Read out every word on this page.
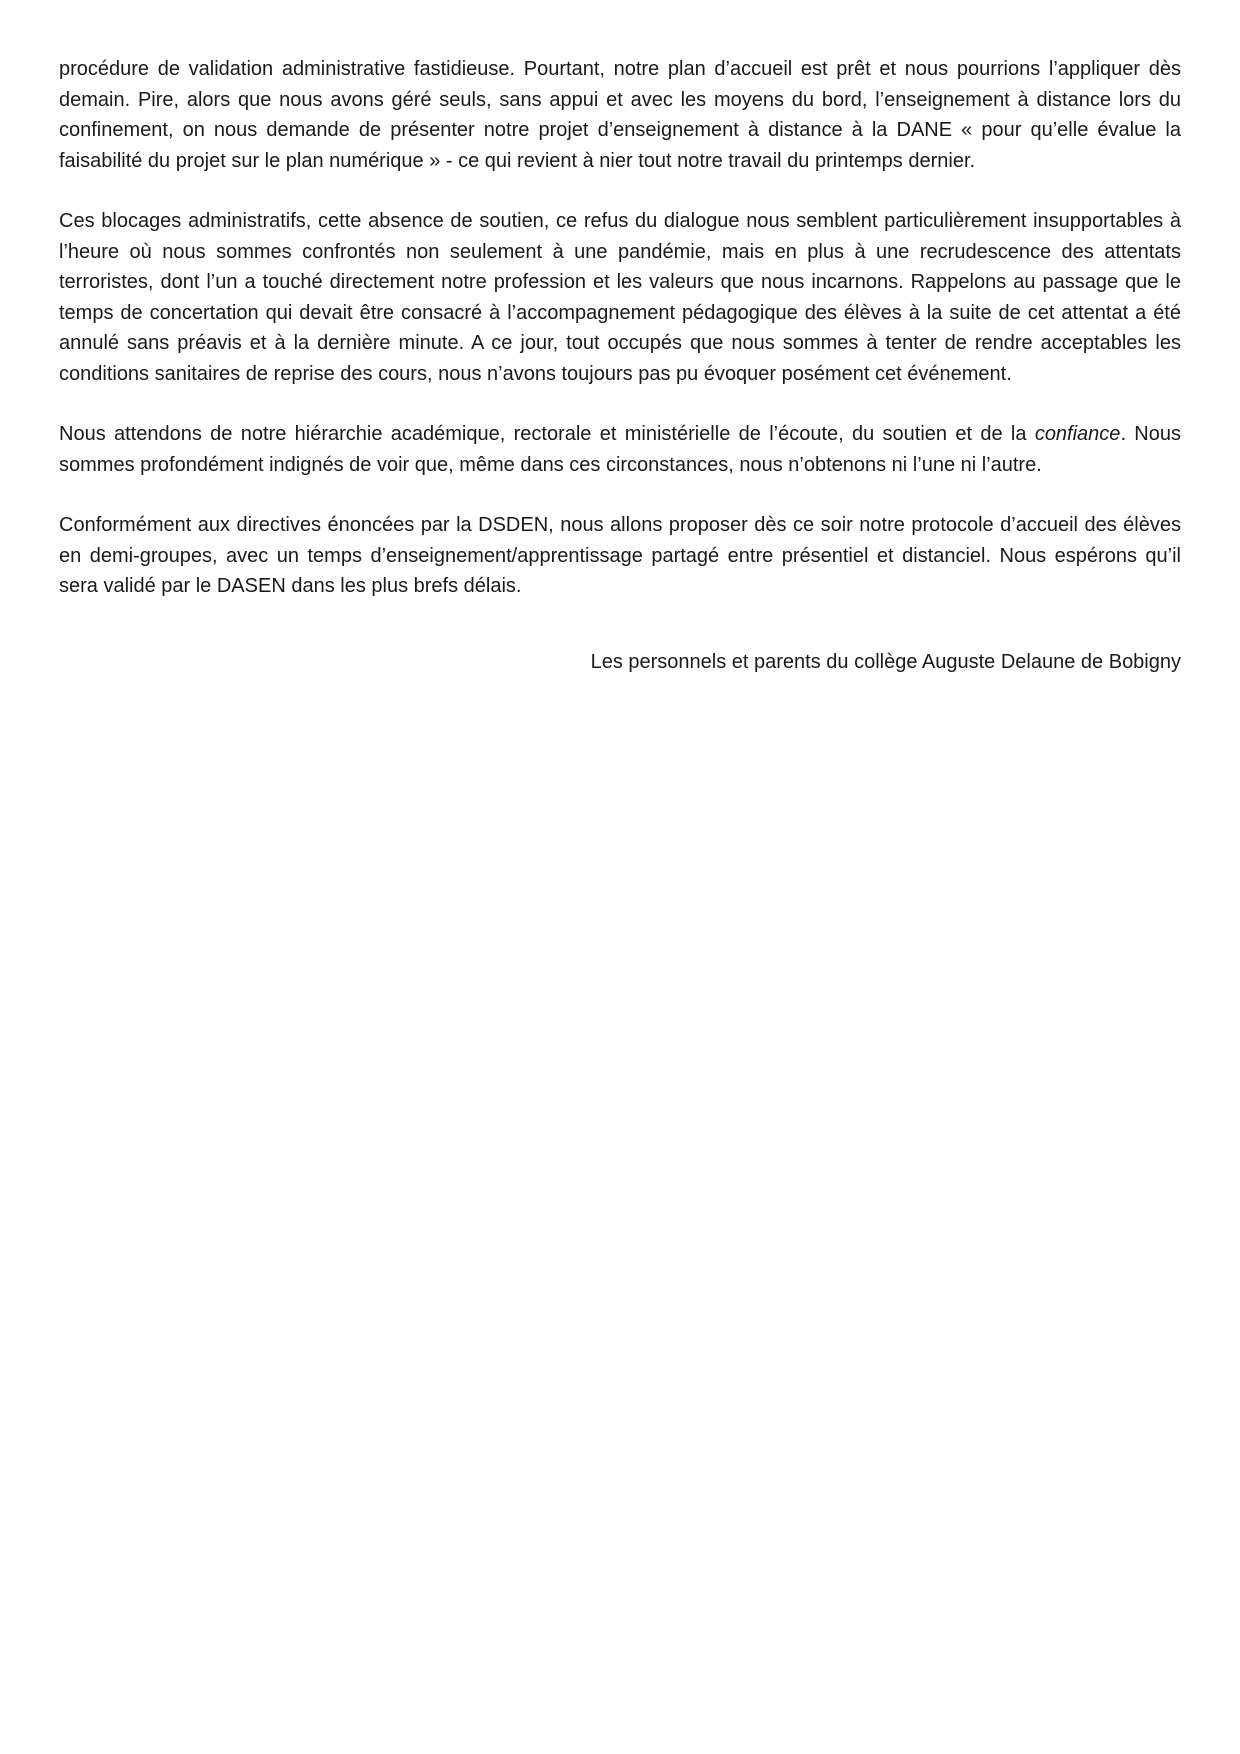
procédure de validation administrative fastidieuse. Pourtant, notre plan d’accueil est prêt et nous pourrions l’appliquer dès demain. Pire, alors que nous avons géré seuls, sans appui et avec les moyens du bord, l’enseignement à distance lors du confinement, on nous demande de présenter notre projet d’enseignement à distance à la DANE « pour qu’elle évalue la faisabilité du projet sur le plan numérique » - ce qui revient à nier tout notre travail du printemps dernier.

Ces blocages administratifs, cette absence de soutien, ce refus du dialogue nous semblent particulièrement insupportables à l’heure où nous sommes confrontés non seulement à une pandémie, mais en plus à une recrudescence des attentats terroristes, dont l’un a touché directement notre profession et les valeurs que nous incarnons. Rappelons au passage que le temps de concertation qui devait être consacré à l’accompagnement pédagogique des élèves à la suite de cet attentat a été annulé sans préavis et à la dernière minute. A ce jour, tout occupés que nous sommes à tenter de rendre acceptables les conditions sanitaires de reprise des cours, nous n’avons toujours pas pu évoquer posément cet événement.

Nous attendons de notre hiérarchie académique, rectorale et ministérielle de l’écoute, du soutien et de la confiance. Nous sommes profondément indignés de voir que, même dans ces circonstances, nous n’obtenons ni l’une ni l’autre.

Conformément aux directives énoncées par la DSDEN, nous allons proposer dès ce soir notre protocole d’accueil des élèves en demi-groupes, avec un temps d’enseignement/apprentissage partagé entre présentiel et distanciel. Nous espérons qu’il sera validé par le DASEN dans les plus brefs délais.

Les personnels et parents du collège Auguste Delaune de Bobigny
